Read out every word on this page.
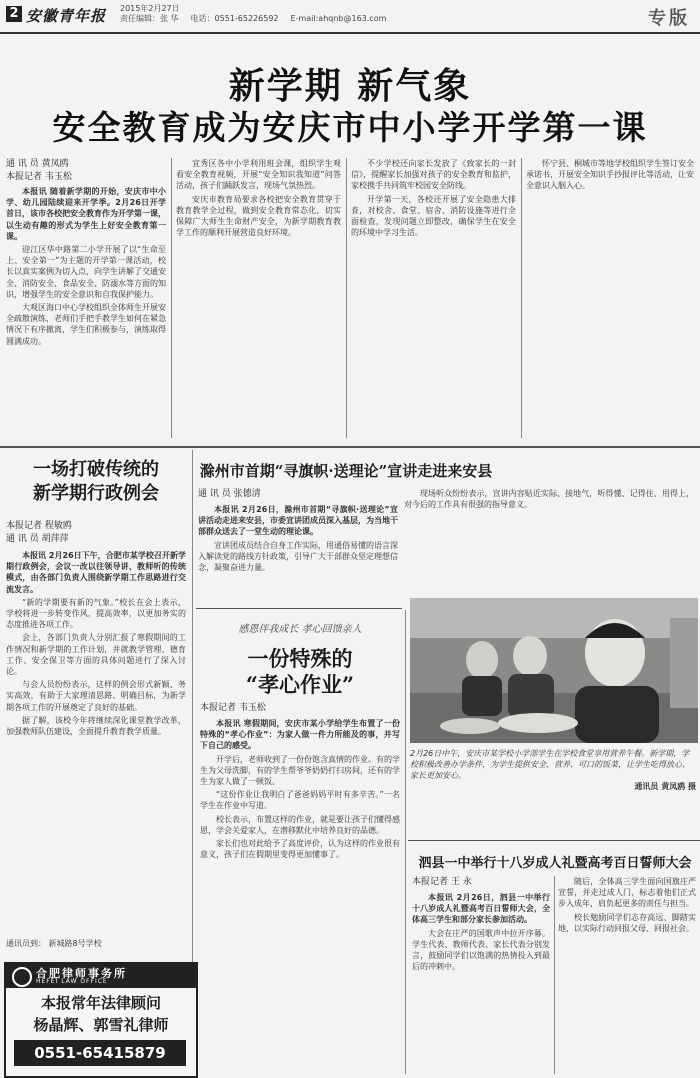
2 安徽青年报 2015年2月27日
责任编辑：张 华 电话：0551-65226592 E-mail:ahqnb@163.com	专版
新学期 新气象
安全教育成为安庆市中小学开学第一课
通 讯 员 黄凤鸥
本报记者 韦玉松

本报讯 随着新学期的开始，安庆市中小学、幼儿园陆续迎来开学季。2月26日开学首日，该市各校把安全教育作为开学第一课，以生动有趣的形式为学生上好安全教育第一课。

迎江区华中路第二小学开展了以“生命至上、安全第一”为主题的开学第一课活动，校长以真实案例为切入点，向学生讲解了交通安全、消防安全、食品安全、防溺水等方面的知识，增强学生的安全意识和自我保护能力。

大观区海口中心学校组织全体师生开展安全疏散演练，老师们手把手教学生如何在紧急情况下有序撤离，学生们积极参与，演练取得圆满成功。

宜秀区各中小学利用班会课，组织学生观看安全教育视频，开展“安全知识我知道”问答活动，孩子们踊跃发言，现场气氛热烈。

安庆市教育局要求各校把安全教育贯穿于教育教学全过程，做到安全教育常态化，切实保障广大师生生命财产安全，为新学期教育教学工作的顺利开展营造良好环境。

不少学校还向家长发放了《致家长的一封信》，提醒家长加强对孩子的安全教育和监护，家校携手共同筑牢校园安全防线。

开学第一天，各校还开展了安全隐患大排查，对校舍、食堂、宿舍、消防设施等进行全面检查，发现问题立即整改，确保学生在安全的环境中学习生活。

怀宁县、桐城市等地学校组织学生签订安全承诺书，开展安全知识手抄报评比等活动，让安全意识入脑入心。

一场打破传统的
新学期行政例会
本报记者 程敏鸥
通 讯 员 胡萍萍

本报讯 2月26日下午，合肥市某学校召开新学期行政例会，会议一改以往领导讲、教师听的传统模式，由各部门负责人围绕新学期工作思路进行交流发言。

“新的学期要有新的气象。”校长在会上表示，学校将进一步转变作风，提高效率，以更加务实的态度推进各项工作。

会上，各部门负责人分别汇报了寒假期间的工作情况和新学期的工作计划，并就教学管理、德育工作、安全保卫等方面的具体问题进行了深入讨论。

与会人员纷纷表示，这样的例会形式新颖、务实高效，有助于大家理清思路、明确目标，为新学期各项工作的开展奠定了良好的基础。

据了解，该校今年将继续深化课堂教学改革，加强教师队伍建设，全面提升教育教学质量。

通讯员到： 新城路8号学校
滁州市首期“寻旗帜·送理论”宣讲走进来安县
通 讯 员 张德清

本报讯 2月26日，滁州市首期“寻旗帜·送理论”宣讲活动走进来安县，市委宣讲团成员深入基层，为当地干部群众送去了一堂生动的理论课。

宣讲团成员结合自身工作实际，用通俗易懂的语言深入解读党的路线方针政策，引导广大干部群众坚定理想信念，凝聚奋进力量。

现场听众纷纷表示，宣讲内容贴近实际、接地气，听得懂、记得住、用得上，对今后的工作具有很强的指导意义。

感恩伴我成长 孝心回馈亲人
一份特殊的
“孝心作业”
本报记者 韦玉松

本报讯 寒假期间，安庆市某小学给学生布置了一份特殊的“孝心作业”：为家人做一件力所能及的事，并写下自己的感受。

开学后，老师收到了一份份饱含真情的作业。有的学生为父母洗脚，有的学生帮爷爷奶奶打扫房间，还有的学生为家人做了一顿饭。

“这份作业让我明白了爸爸妈妈平时有多辛苦。”一名学生在作业中写道。

校长表示，布置这样的作业，就是要让孩子们懂得感恩，学会关爱家人，在潜移默化中培养良好的品德。

家长们也对此给予了高度评价，认为这样的作业很有意义，孩子们在假期里变得更加懂事了。

2月26日中午，安庆市某学校小学部学生在学校食堂享用营养午餐。新学期，学校积极改善办学条件，为学生提供安全、营养、可口的饭菜，让学生吃得放心、家长更加安心。
通讯员 黄凤鸥 摄
泗县一中举行十八岁成人礼暨高考百日誓师大会
本报记者 王 永

本报讯 2月26日，泗县一中举行十八岁成人礼暨高考百日誓师大会，全体高三学生和部分家长参加活动。

大会在庄严的国歌声中拉开序幕。学生代表、教师代表、家长代表分别发言，鼓励同学们以饱满的热情投入到最后的冲刺中。

随后，全体高三学生面向国旗庄严宣誓，并走过成人门，标志着他们正式步入成年，肩负起更多的责任与担当。

校长勉励同学们志存高远、脚踏实地，以实际行动回报父母、回报社会。

合肥律师事务所
HEFEI LAW OFFICE
本报常年法律顾问
杨晶辉、郭雪礼律师
0551-65415879
